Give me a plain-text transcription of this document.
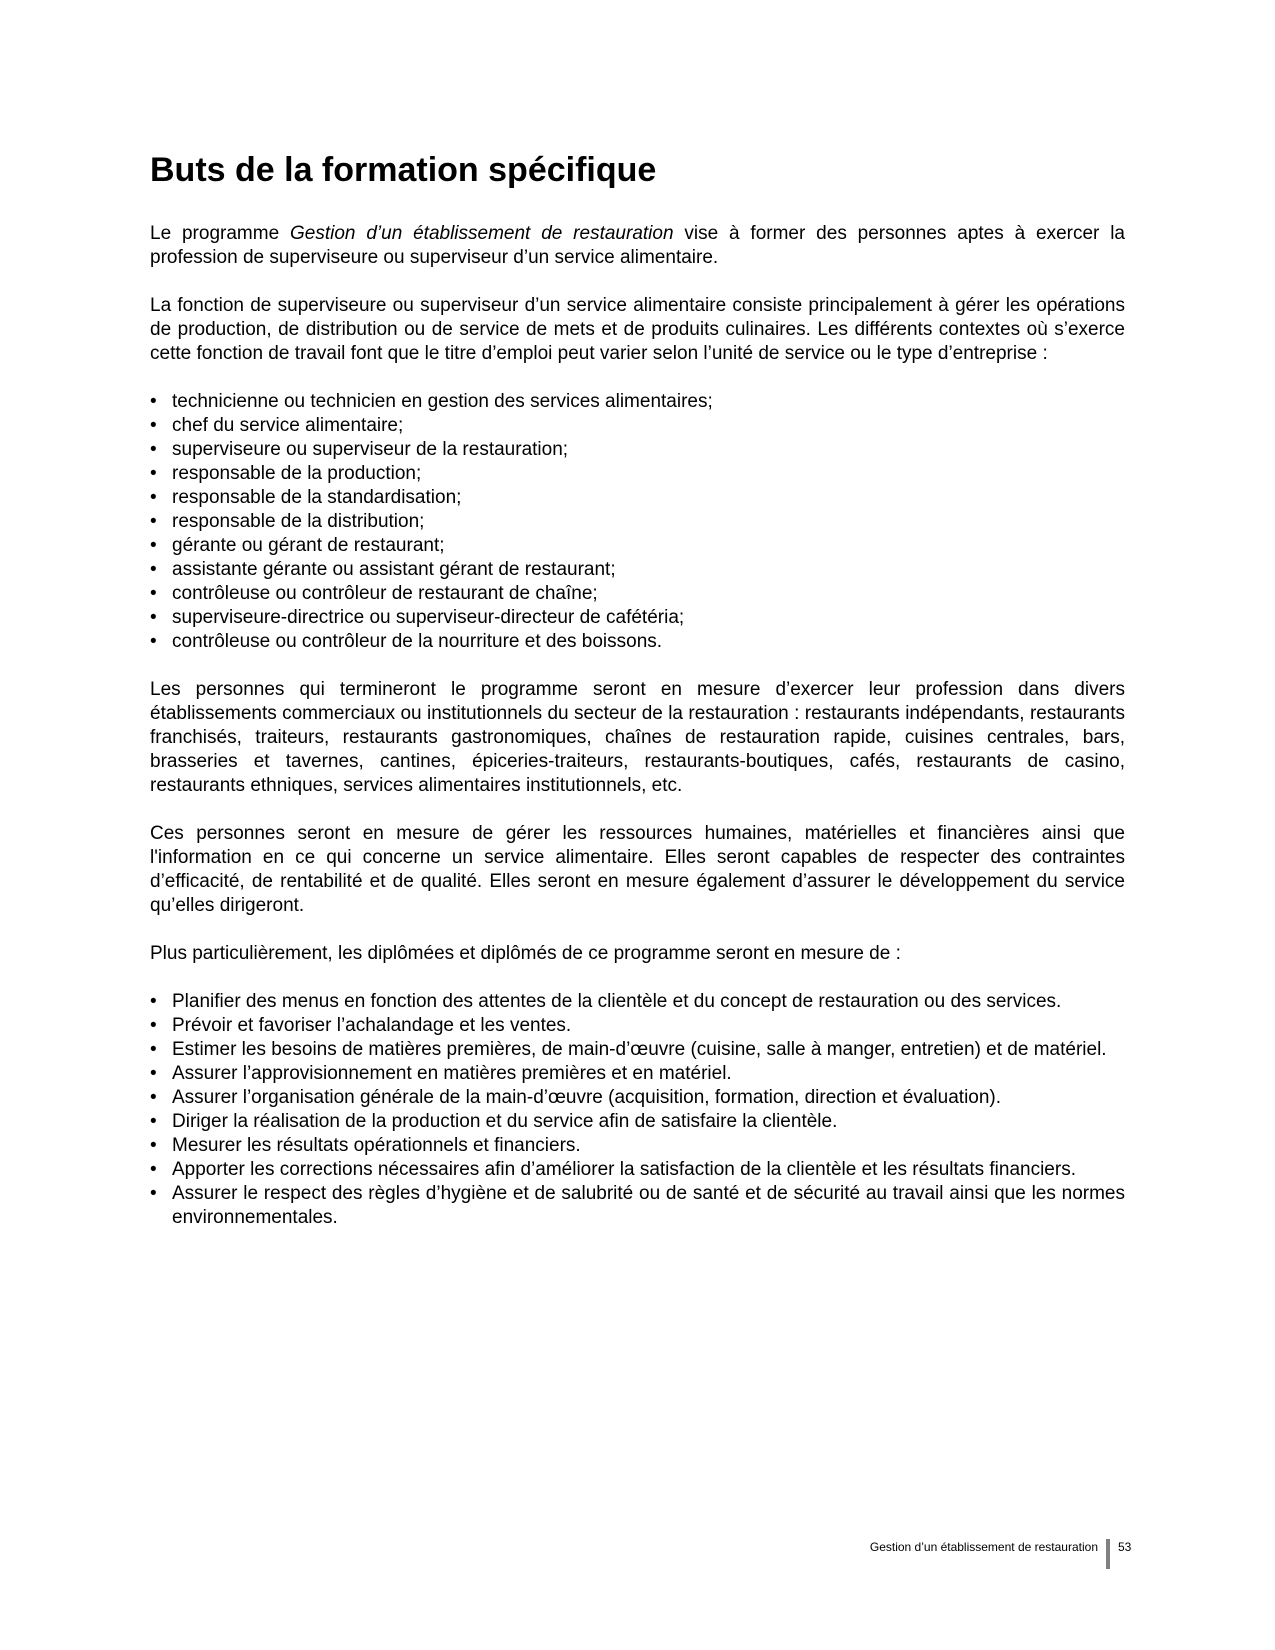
Buts de la formation spécifique

Le programme Gestion d’un établissement de restauration vise à former des personnes aptes à exercer la profession de superviseure ou superviseur d’un service alimentaire.

La fonction de superviseure ou superviseur d’un service alimentaire consiste principalement à gérer les opérations de production, de distribution ou de service de mets et de produits culinaires. Les différents contextes où s’exerce cette fonction de travail font que le titre d’emploi peut varier selon l’unité de service ou le type d’entreprise :

• technicienne ou technicien en gestion des services alimentaires;
• chef du service alimentaire;
• superviseure ou superviseur de la restauration;
• responsable de la production;
• responsable de la standardisation;
• responsable de la distribution;
• gérante ou gérant de restaurant;
• assistante gérante ou assistant gérant de restaurant;
• contrôleuse ou contrôleur de restaurant de chaîne;
• superviseure-directrice ou superviseur-directeur de cafétéria;
• contrôleuse ou contrôleur de la nourriture et des boissons.

Les personnes qui termineront le programme seront en mesure d’exercer leur profession dans divers établissements commerciaux ou institutionnels du secteur de la restauration : restaurants indépendants, restaurants franchisés, traiteurs, restaurants gastronomiques, chaînes de restauration rapide, cuisines centrales, bars, brasseries et tavernes, cantines, épiceries-traiteurs, restaurants-boutiques, cafés, restaurants de casino, restaurants ethniques, services alimentaires institutionnels, etc.

Ces personnes seront en mesure de gérer les ressources humaines, matérielles et financières ainsi que l'information en ce qui concerne un service alimentaire. Elles seront capables de respecter des contraintes d’efficacité, de rentabilité et de qualité. Elles seront en mesure également d’assurer le développement du service qu’elles dirigeront.

Plus particulièrement, les diplômées et diplômés de ce programme seront en mesure de :

• Planifier des menus en fonction des attentes de la clientèle et du concept de restauration ou des services.
• Prévoir et favoriser l’achalandage et les ventes.
• Estimer les besoins de matières premières, de main-d’œuvre (cuisine, salle à manger, entretien) et de matériel.
• Assurer l’approvisionnement en matières premières et en matériel.
• Assurer l’organisation générale de la main-d’œuvre (acquisition, formation, direction et évaluation).
• Diriger la réalisation de la production et du service afin de satisfaire la clientèle.
• Mesurer les résultats opérationnels et financiers.
• Apporter les corrections nécessaires afin d’améliorer la satisfaction de la clientèle et les résultats financiers.
• Assurer le respect des règles d’hygiène et de salubrité ou de santé et de sécurité au travail ainsi que les normes environnementales.
Gestion d’un établissement de restauration 53
